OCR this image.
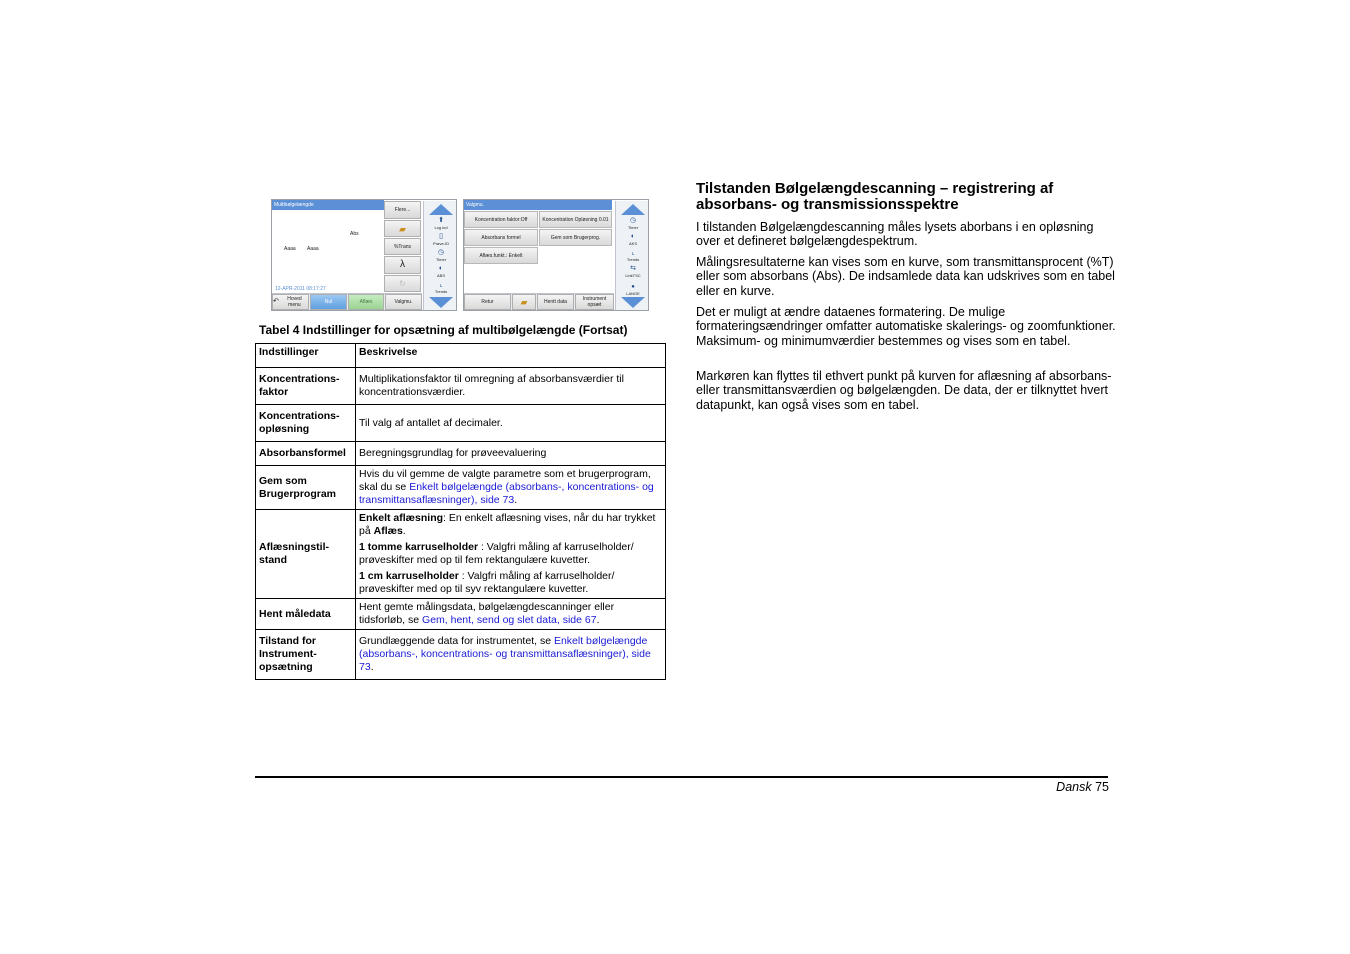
Multibølgelængde
Abs
Aaaa Aaaa
12-APR-2011 08:17:27
Flere...
▰
%Trans
λ
↻
⬆
Log ind
▯
Prøve-ID
◷
Timer
◐
ABS
⌞
Trends
↶	Hoved menu	Nul	Aflæs	Valgmu.
Valgmu.
Koncentration faktor:Off	Koncentration Opløsning 0.01
Absorbans formel	Gem som Brugerprog.
Aflæs.funkt.: Enkelt
◷
Timer
◐
AKS
⌞
Trends
⇆
LinkTSC
●
LANGE
Retur	▰	Hentt data	Instrument opsæt
Tabel 4 Indstillinger for opsætning af multibølgelængde (Fortsat)
Indstillinger	Beskrivelse
Koncentrations-
faktor	Multiplikationsfaktor til omregning af absorbansværdier til koncentrationsværdier.
Koncentrations-
opløsning	Til valg af antallet af decimaler.
Absorbansformel	Beregningsgrundlag for prøveevaluering
Gem som
Brugerprogram	Hvis du vil gemme de valgte parametre som et brugerprogram, skal du se Enkelt bølgelængde (absorbans-, koncentrations- og transmittansaflæsninger), side 73.
Aflæsningstil-
stand	Enkelt aflæsning: En enkelt aflæsning vises, når du har trykket på Aflæs.
1 tomme karruselholder : Valgfri måling af karruselholder/ prøveskifter med op til fem rektangulære kuvetter.
1 cm karruselholder : Valgfri måling af karruselholder/ prøveskifter med op til syv rektangulære kuvetter.

Hent måledata	Hent gemte målingsdata, bølgelængdescanninger eller tidsforløb, se Gem, hent, send og slet data, side 67.
Tilstand for
Instrument-
opsætning	Grundlæggende data for instrumentet, se Enkelt bølgelængde (absorbans-, koncentrations- og transmittansaflæsninger), side 73.
Tilstanden Bølgelængdescanning – registrering af absorbans- og transmissionsspektre

I tilstanden Bølgelængdescanning måles lysets aborbans i en opløsning over et defineret bølgelængdespektrum.

Målingsresultaterne kan vises som en kurve, som transmittansprocent (%T) eller som absorbans (Abs). De indsamlede data kan udskrives som en tabel eller en kurve.

Det er muligt at ændre dataenes formatering. De mulige formateringsændringer omfatter automatiske skalerings- og zoomfunktioner. Maksimum- og minimumværdier bestemmes og vises som en tabel.

Markøren kan flyttes til ethvert punkt på kurven for aflæsning af absorbans- eller transmittansværdien og bølgelængden. De data, der er tilknyttet hvert datapunkt, kan også vises som en tabel.

Dansk 75
